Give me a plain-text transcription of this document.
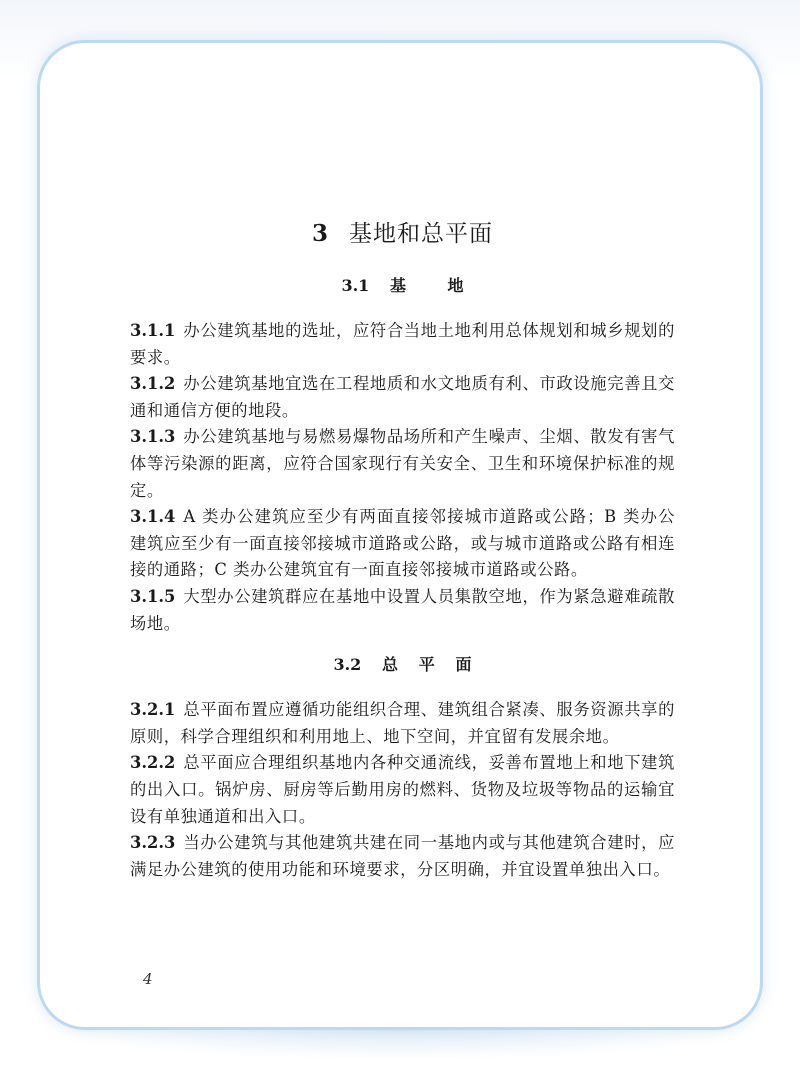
3 基地和总平面
3.1  基    地

3.1.1 办公建筑基地的选址，应符合当地土地利用总体规划和城乡规划的要求。

3.1.2 办公建筑基地宜选在工程地质和水文地质有利、市政设施完善且交通和通信方便的地段。

3.1.3 办公建筑基地与易燃易爆物品场所和产生噪声、尘烟、散发有害气体等污染源的距离，应符合国家现行有关安全、卫生和环境保护标准的规定。

3.1.4 A 类办公建筑应至少有两面直接邻接城市道路或公路；B 类办公建筑应至少有一面直接邻接城市道路或公路，或与城市道路或公路有相连接的通路；C 类办公建筑宜有一面直接邻接城市道路或公路。

3.1.5 大型办公建筑群应在基地中设置人员集散空地，作为紧急避难疏散场地。

3.2  总  平  面

3.2.1 总平面布置应遵循功能组织合理、建筑组合紧凑、服务资源共享的原则，科学合理组织和利用地上、地下空间，并宜留有发展余地。

3.2.2 总平面应合理组织基地内各种交通流线，妥善布置地上和地下建筑的出入口。锅炉房、厨房等后勤用房的燃料、货物及垃圾等物品的运输宜设有单独通道和出入口。

3.2.3 当办公建筑与其他建筑共建在同一基地内或与其他建筑合建时，应满足办公建筑的使用功能和环境要求，分区明确，并宜设置单独出入口。

4
